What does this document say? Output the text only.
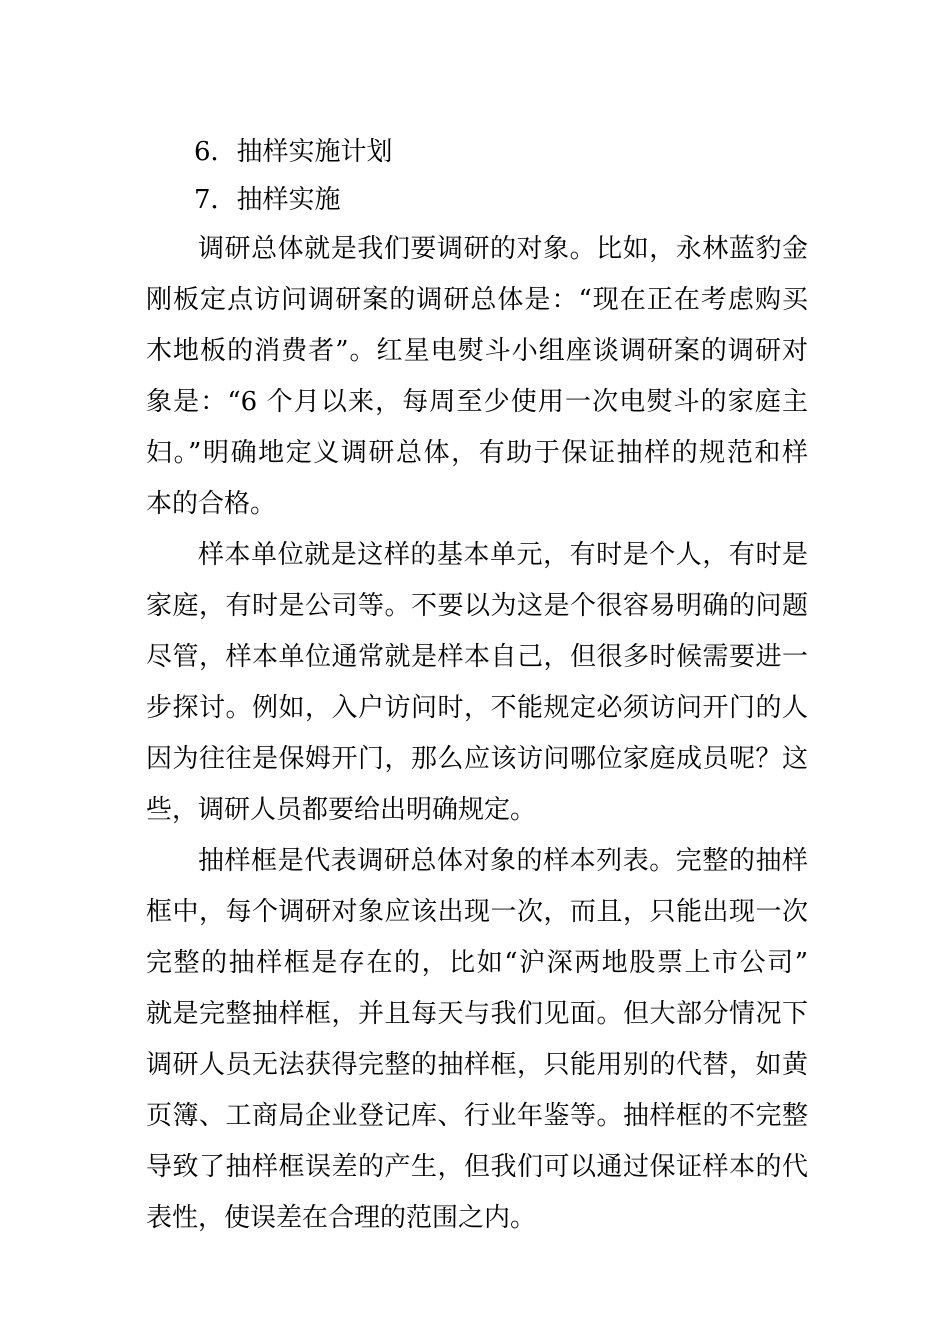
6．抽样实施计划

7．抽样实施

调研总体就是我们要调研的对象。比如，永林蓝豹金
刚板定点访问调研案的调研总体是：“现在正在考虑购买
木地板的消费者”。红星电熨斗小组座谈调研案的调研对
象是：“6 个月以来，每周至少使用一次电熨斗的家庭主
妇。”明确地定义调研总体，有助于保证抽样的规范和样
本的合格。
样本单位就是这样的基本单元，有时是个人，有时是
家庭，有时是公司等。不要以为这是个很容易明确的问题
尽管，样本单位通常就是样本自己，但很多时候需要进一
步探讨。例如，入户访问时，不能规定必须访问开门的人
因为往往是保姆开门，那么应该访问哪位家庭成员呢？这
些，调研人员都要给出明确规定。
抽样框是代表调研总体对象的样本列表。完整的抽样
框中，每个调研对象应该出现一次，而且，只能出现一次
完整的抽样框是存在的，比如“沪深两地股票上市公司”
就是完整抽样框，并且每天与我们见面。但大部分情况下
调研人员无法获得完整的抽样框，只能用别的代替，如黄
页簿、工商局企业登记库、行业年鉴等。抽样框的不完整
导致了抽样框误差的产生，但我们可以通过保证样本的代
表性，使误差在合理的范围之内。
